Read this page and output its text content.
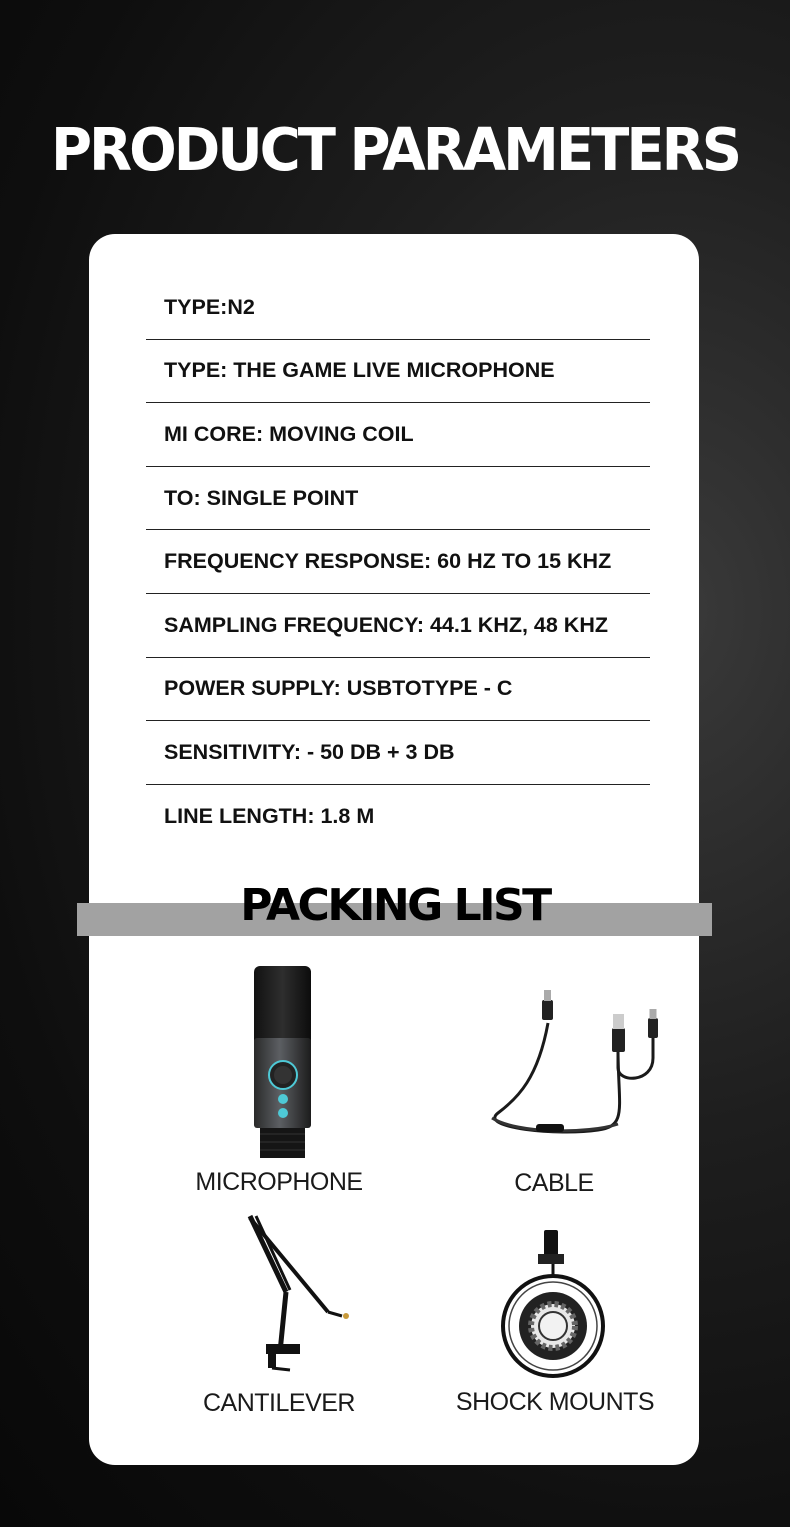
PRODUCT PARAMETERS
TYPE:N2
TYPE: THE GAME LIVE MICROPHONE
MI CORE: MOVING COIL
TO: SINGLE POINT
FREQUENCY RESPONSE: 60 HZ TO 15 KHZ
SAMPLING FREQUENCY: 44.1 KHZ, 48 KHZ
POWER SUPPLY: USBTOTYPE - C
SENSITIVITY: - 50 DB + 3 DB
LINE LENGTH: 1.8 M
PACKING LIST
MICROPHONE	CABLE
CANTILEVER	SHOCK MOUNTS
